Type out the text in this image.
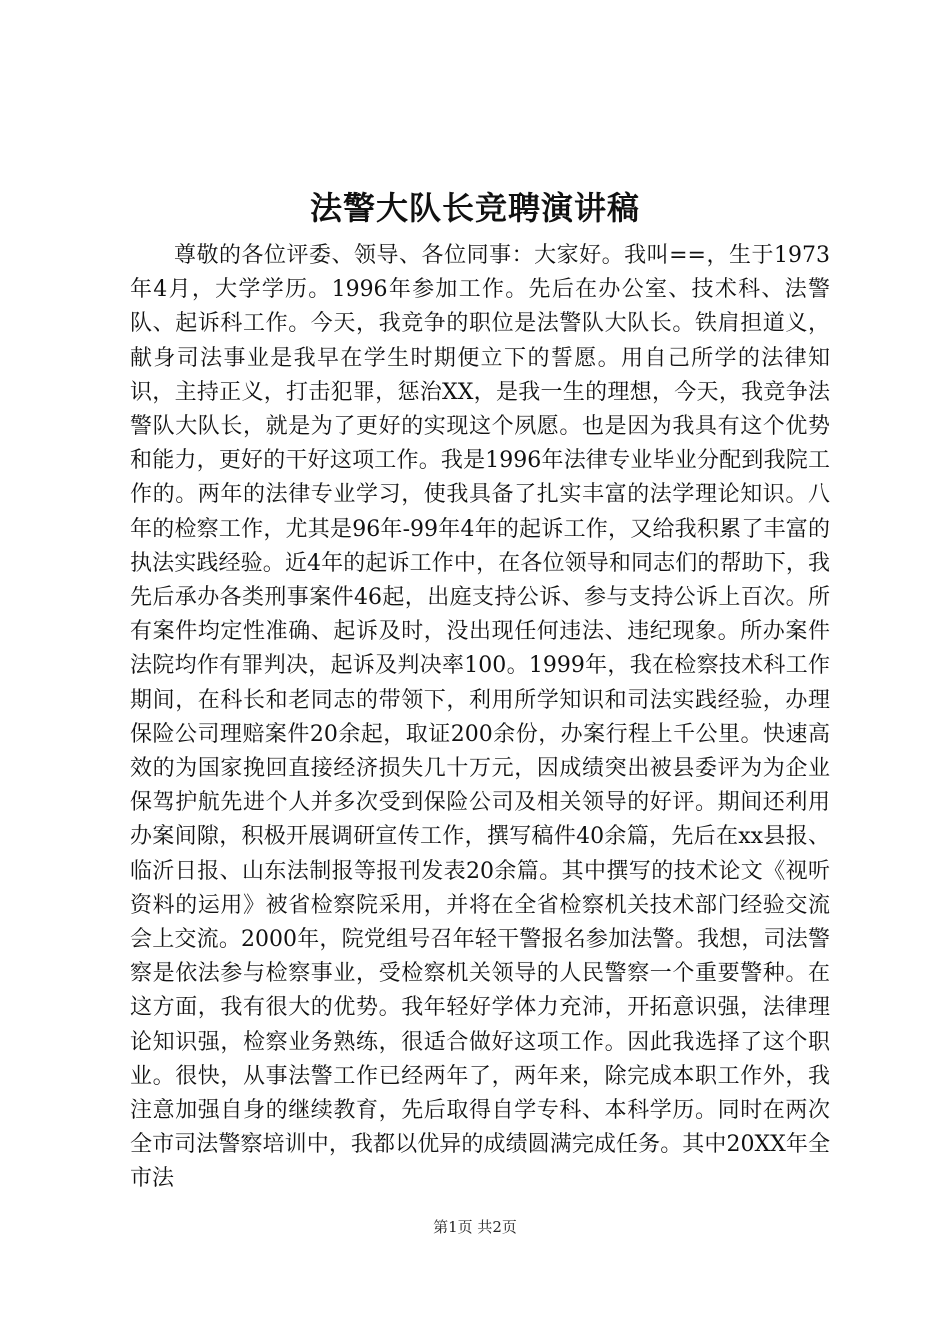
法警大队长竞聘演讲稿

尊敬的各位评委、领导、各位同事：大家好。我叫==，生于1973年4月，大学学历。1996年参加工作。先后在办公室、技术科、法警队、起诉科工作。今天，我竞争的职位是法警队大队长。铁肩担道义，献身司法事业是我早在学生时期便立下的誓愿。用自己所学的法律知识，主持正义，打击犯罪，惩治XX，是我一生的理想，今天，我竞争法警队大队长，就是为了更好的实现这个夙愿。也是因为我具有这个优势和能力，更好的干好这项工作。我是1996年法律专业毕业分配到我院工作的。两年的法律专业学习，使我具备了扎实丰富的法学理论知识。八年的检察工作，尤其是96年-99年4年的起诉工作，又给我积累了丰富的执法实践经验。近4年的起诉工作中，在各位领导和同志们的帮助下，我先后承办各类刑事案件46起，出庭支持公诉、参与支持公诉上百次。所有案件均定性准确、起诉及时，没出现任何违法、违纪现象。所办案件法院均作有罪判决，起诉及判决率100。1999年，我在检察技术科工作期间，在科长和老同志的带领下，利用所学知识和司法实践经验，办理保险公司理赔案件20余起，取证200余份，办案行程上千公里。快速高效的为国家挽回直接经济损失几十万元，因成绩突出被县委评为为企业保驾护航先进个人并多次受到保险公司及相关领导的好评。期间还利用办案间隙，积极开展调研宣传工作，撰写稿件40余篇，先后在xx县报、临沂日报、山东法制报等报刊发表20余篇。其中撰写的技术论文《视听资料的运用》被省检察院采用，并将在全省检察机关技术部门经验交流会上交流。2000年，院党组号召年轻干警报名参加法警。我想，司法警察是依法参与检察事业，受检察机关领导的人民警察一个重要警种。在这方面，我有很大的优势。我年轻好学体力充沛，开拓意识强，法律理论知识强，检察业务熟练，很适合做好这项工作。因此我选择了这个职业。很快，从事法警工作已经两年了，两年来，除完成本职工作外，我注意加强自身的继续教育，先后取得自学专科、本科学历。同时在两次全市司法警察培训中，我都以优异的成绩圆满完成任务。其中20XX年全市法

第1页 共2页
